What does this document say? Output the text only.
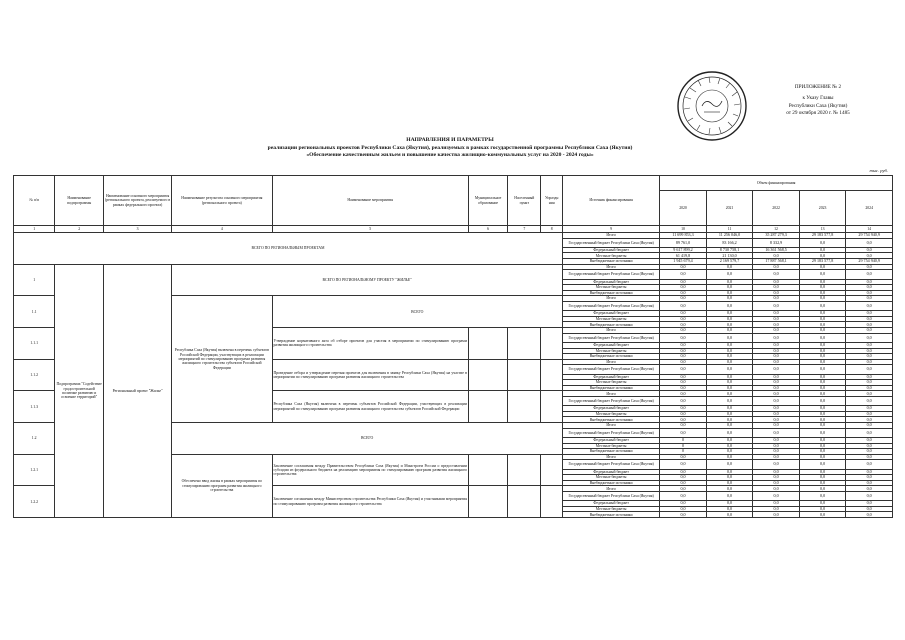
ПРИЛОЖЕНИЕ № 2
к Указу Главы
Республики Саха (Якутия)
от 29 октября 2020 г. № 1485
НАПРАВЛЕНИЯ И ПАРАМЕТРЫ
реализации региональных проектов Республики Саха (Якутия), реализуемых в рамках государственной программы Республики Саха (Якутия)
«Обеспечение качественным жильем и повышение качества жилищно-коммунальных услуг на 2020 - 2024 годы»
тыс. руб.
№ п/п	Наименование подпрограммы	Наименование основного мероприятия (регионального проекта, реализуемого в рамках федерального проекта)	Наименование результата основного мероприятия (регионального проекта)	Наименование мероприятия	Муниципальное образование	Населенный пункт	Упраздн ния	Источник финансирования	Объем финансирования				
									2020	2021	2022	2023	2024
1	2	3	4	5	6	7	8	9	10	11	12	13	14
ВСЕГО ПО РЕГИОНАЛЬНЫМ ПРОЕКТАМ								Итого	11 699 853,3	11 256 046,0	35 287 279,3	29 183 577,8	29 754 940,9
								Государственный бюджет Республики Саха (Якутия)	89 761,0	83 166,2	8 332,9	0,0	0,0
								Федеральный бюджет	9 617 899,2	8 730 758,1	16 361 568,5	0,0	0,0
								Местные бюджеты	61 419,8	21 130,0	0,0	0,0	0,0
								Внебюджетные источники	1 945 679,4	2 169 579,7	17 887 568,1	29 183 577,8	29 754 940,9
1	Подпрограмма "Содействие градостроительной политике развитию и освоение территорий"	Региональный проект "Жилье"	ВСЕГО ПО РЕГИОНАЛЬНОМУ ПРОЕКТУ "ЖИЛЬЕ"					Итого	0,0	0,0	0,0	0,0	0,0
								Государственный бюджет Республики Саха (Якутия)	0,0	0,0	0,0	0,0	0,0
								Федеральный бюджет	0,0	0,0	0,0	0,0	0,0
								Местные бюджеты	0,0	0,0	0,0	0,0	0,0
								Внебюджетные источники	0,0	0,0	0,0	0,0	0,0
1.1			Республика Саха (Якутия) включена в перечень субъектов Российской Федерации, участвующих в реализации мероприятий по стимулированию программ развития жилищного строительства субъектов Российской Федерации	ВСЕГО				Итого	0,0	0,0	0,0	0,0	0,0
								Государственный бюджет Республики Саха (Якутия)	0,0	0,0	0,0	0,0	0,0
								Федеральный бюджет	0,0	0,0	0,0	0,0	0,0
								Местные бюджеты	0,0	0,0	0,0	0,0	0,0
								Внебюджетные источники	0,0	0,0	0,0	0,0	0,0
1.1.1				Утверждение нормативного акта об отборе проектов для участия в мероприятии по стимулированию программ развития жилищного строительства				Итого	0,0	0,0	0,0	0,0	0,0
								Государственный бюджет Республики Саха (Якутия)	0,0	0,0	0,0	0,0	0,0
								Федеральный бюджет	0,0	0,0	0,0	0,0	0,0
								Местные бюджеты	0,0	0,0	0,0	0,0	0,0
								Внебюджетные источники	0,0	0,0	0,0	0,0	0,0
1.1.2				Проведение отбора и утверждение перечня проектов для включения в заявку Республики Саха (Якутия) на участие в мероприятии по стимулированию программ развития жилищного строительства				Итого	0,0	0,0	0,0	0,0	0,0
								Государственный бюджет Республики Саха (Якутия)	0,0	0,0	0,0	0,0	0,0
								Федеральный бюджет	0,0	0,0	0,0	0,0	0,0
								Местные бюджеты	0,0	0,0	0,0	0,0	0,0
								Внебюджетные источники	0,0	0,0	0,0	0,0	0,0
1.1.3				Республика Саха (Якутия) включена в перечень субъектов Российской Федерации, участвующих в реализации мероприятий по стимулированию программ развития жилищного строительства субъектов Российской Федерации				Итого	0,0	0,0	0,0	0,0	0,0
								Государственный бюджет Республики Саха (Якутия)	0,0	0,0	0,0	0,0	0,0
								Федеральный бюджет	0,0	0,0	0,0	0,0	0,0
								Местные бюджеты	0,0	0,0	0,0	0,0	0,0
								Внебюджетные источники	0,0	0,0	0,0	0,0	0,0
1.2			ВСЕГО					Итого	0,0	0,0	0,0	0,0	0,0
								Государственный бюджет Республики Саха (Якутия)	0,0	0,0	0,0	0,0	0,0
								Федеральный бюджет	0	0,0	0,0	0,0	0,0
								Местные бюджеты	0	0,0	0,0	0,0	0,0
								Внебюджетные источники	0	0,0	0,0	0,0	0,0
1.2.1			Обеспечено ввод жилья в рамках мероприятия по стимулированию программ развития жилищного строительства	Заключение соглашения между Правительством Республики Саха (Якутия) и Минстроем России о предоставлении субсидии из федерального бюджета на реализацию мероприятия по стимулированию программ развития жилищного строительства				Итого	0,0	0,0	0,0	0,0	0,0
								Государственный бюджет Республики Саха (Якутия)	0,0	0,0	0,0	0,0	0,0
								Федеральный бюджет	0,0	0,0	0,0	0,0	0,0
								Местные бюджеты	0,0	0,0	0,0	0,0	0,0
								Внебюджетные источники	0,0	0,0	0,0	0,0	0,0
1.2.2				Заключение соглашения между Министерством строительства Республики Саха (Якутия) и участниками мероприятия по стимулированию программ развития жилищного строительства				Итого	0,0	0,0	0,0	0,0	0,0
								Государственный бюджет Республики Саха (Якутия)	0,0	0,0	0,0	0,0	0,0
								Федеральный бюджет	0,0	0,0	0,0	0,0	0,0
								Местные бюджеты	0,0	0,0	0,0	0,0	0,0
								Внебюджетные источники	0,0	0,0	0,0	0,0	0,0
